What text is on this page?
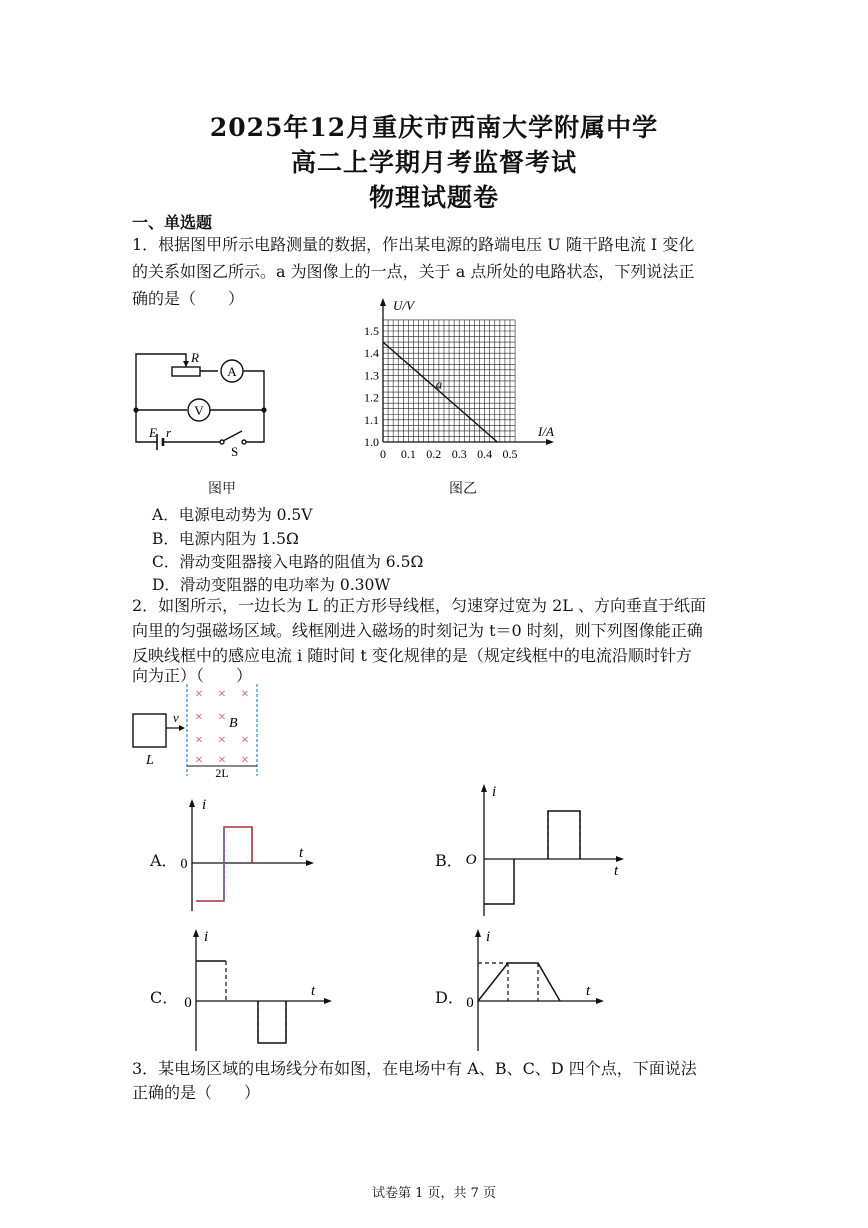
2025年12月重庆市西南大学附属中学
高二上学期月考监督考试
物理试题卷
一、单选题
1．根据图甲所示电路测量的数据，作出某电源的路端电压 U 随干路电流 I 变化
的关系如图乙所示。a 为图像上的一点，关于 a 点所处的电路状态，下列说法正
确的是（　　）
R
A
V
E r
S
图甲
0 0.1 0.2 0.3 0.4 0.5
1.1
1.2
1.3
1.4
1.5
1.0
U/V
I/A
a
图乙
A．电源电动势为 0.5V
B．电源内阻为 1.5Ω
C．滑动变阻器接入电路的阻值为 6.5Ω
D．滑动变阻器的电功率为 0.30W
2．如图所示，一边长为 L 的正方形导线框，匀速穿过宽为 2L 、方向垂直于纸面
向里的匀强磁场区域。线框刚进入磁场的时刻记为 t＝0 时刻，则下列图像能正确
反映线框中的感应电流 i 随时间 t 变化规律的是（规定线框中的电流沿顺时针方
向为正）（　　）
v
L
× × ×
× ×
× × ×
× × ×
B
2L
A．
i
t
0	B．
i
t
O
C．
i
t
0	D．
i
t
0
3．某电场区域的电场线分布如图，在电场中有 A、B、C、D 四个点，下面说法
正确的是（　　）
试卷第 1 页，共 7 页
